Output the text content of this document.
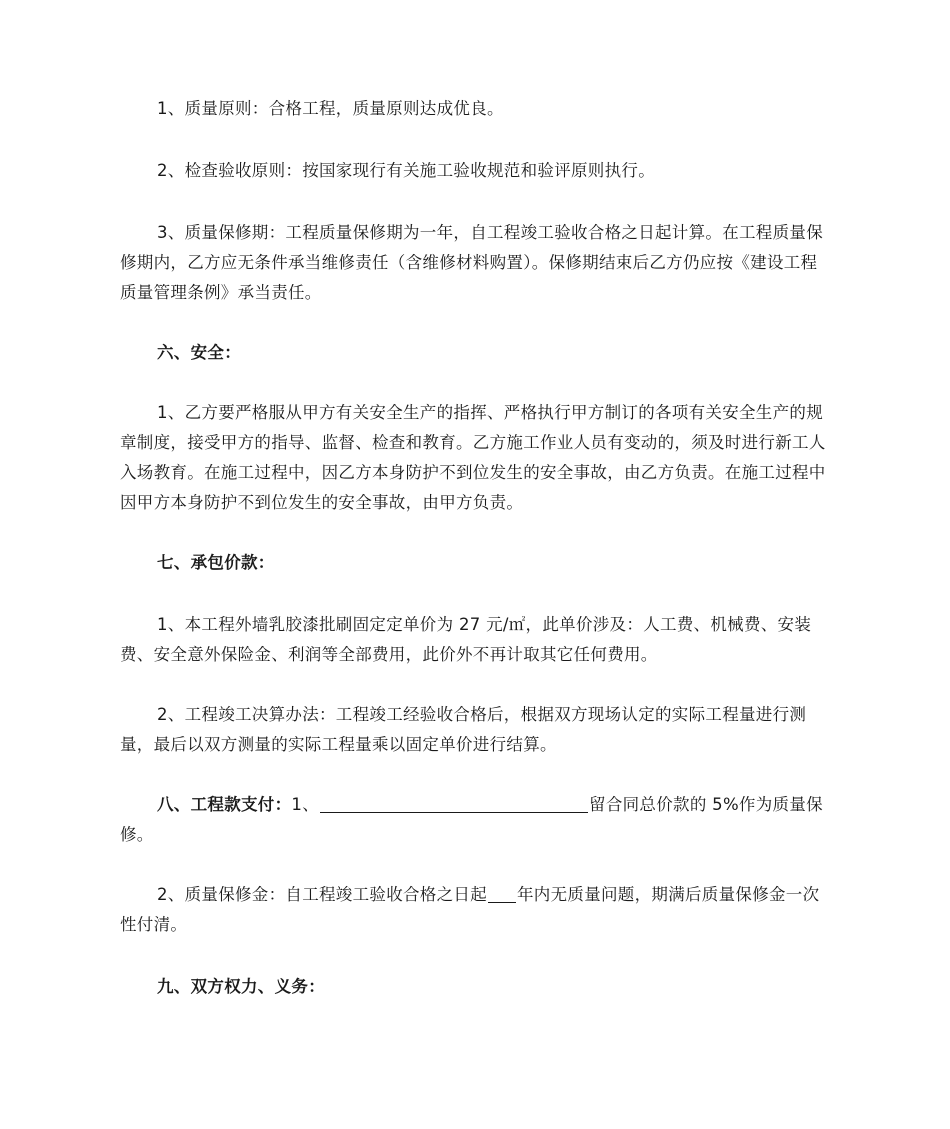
1、质量原则：合格工程，质量原则达成优良。

2、检查验收原则：按国家现行有关施工验收规范和验评原则执行。

3、质量保修期：工程质量保修期为一年，自工程竣工验收合格之日起计算。在工程质量保修期内，乙方应无条件承当维修责任（含维修材料购置）。保修期结束后乙方仍应按《建设工程质量管理条例》承当责任。

六、安全：

1、乙方要严格服从甲方有关安全生产的指挥、严格执行甲方制订的各项有关安全生产的规章制度，接受甲方的指导、监督、检查和教育。乙方施工作业人员有变动的，须及时进行新工人入场教育。在施工过程中，因乙方本身防护不到位发生的安全事故，由乙方负责。在施工过程中因甲方本身防护不到位发生的安全事故，由甲方负责。

七、承包价款：

1、本工程外墙乳胶漆批刷固定定单价为 27 元/㎡，此单价涉及：人工费、机械费、安装费、安全意外保险金、利润等全部费用，此价外不再计取其它任何费用。

2、工程竣工决算办法：工程竣工经验收合格后，根据双方现场认定的实际工程量进行测量，最后以双方测量的实际工程量乘以固定单价进行结算。

八、工程款支付：1、	留合同总价款的 5%作为质量保修。

2、质量保修金：自工程竣工验收合格之日起 年内无质量问题，期满后质量保修金一次性付清。

九、双方权力、义务：
